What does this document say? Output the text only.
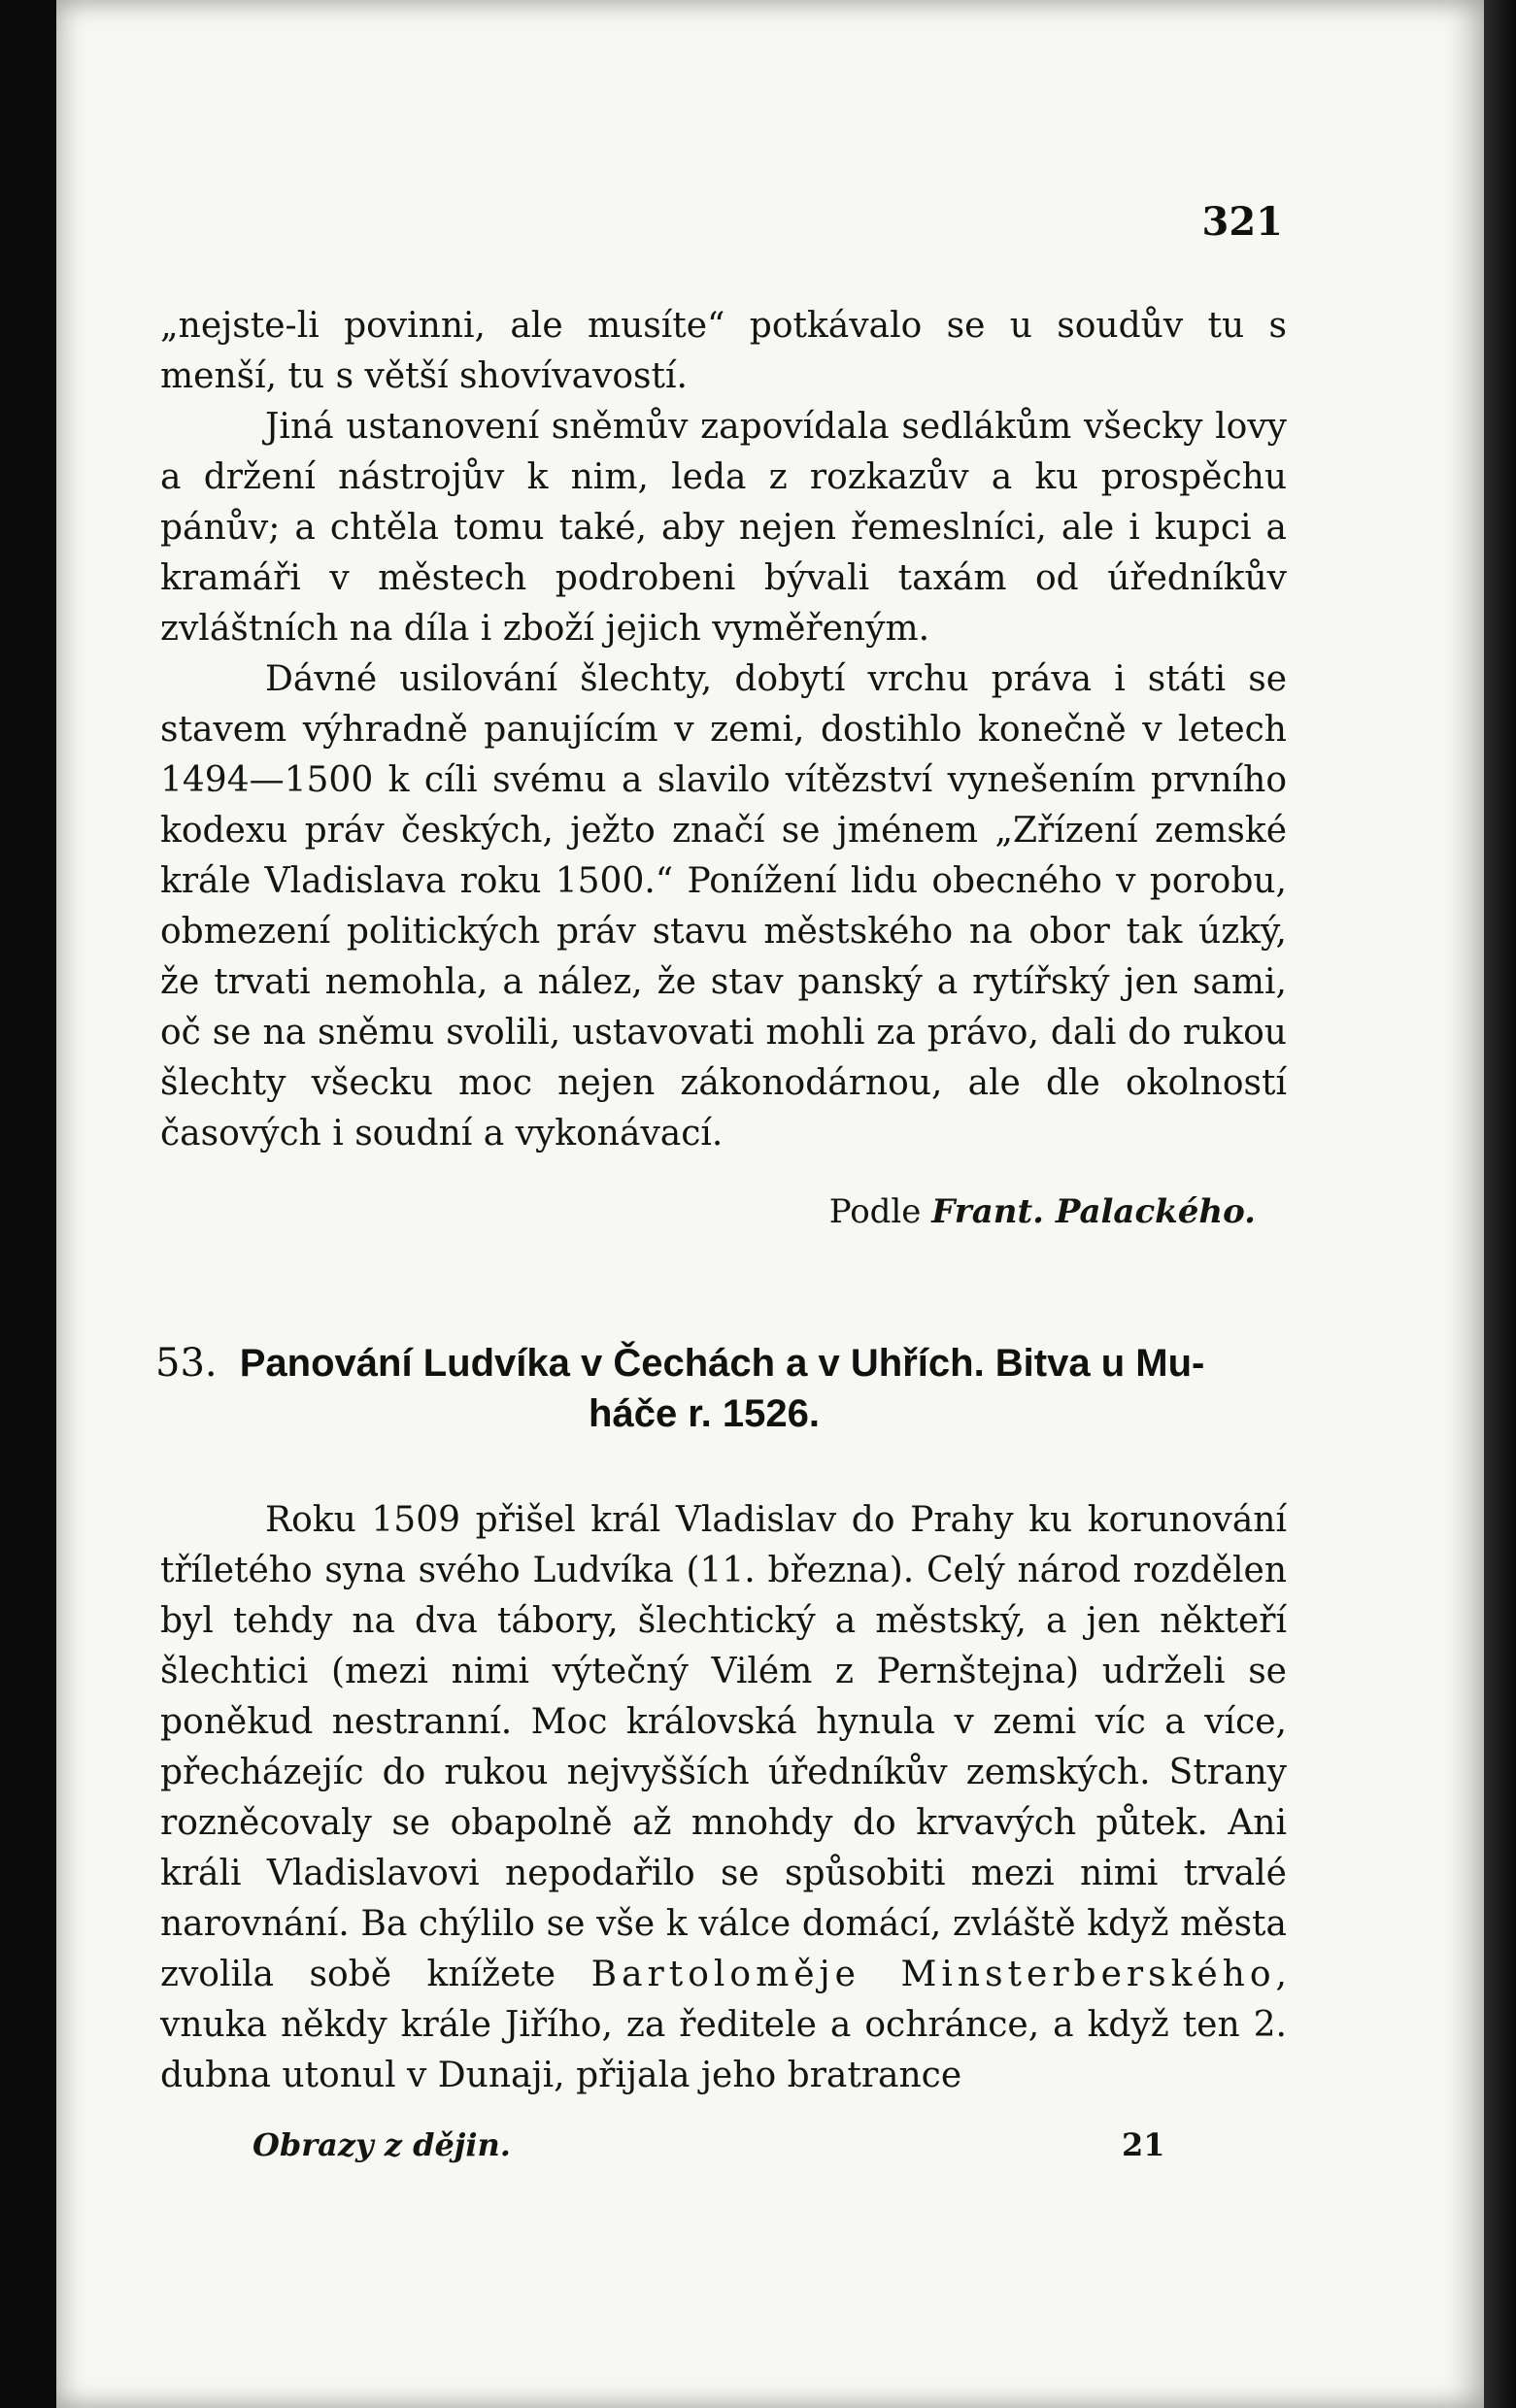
321

„nejste-li povinni, ale musíte“ potkávalo se u soudův tu s menší, tu s větší shovívavostí.

Jiná ustanovení sněmův zapovídala sedlákům všecky lovy a držení nástrojův k nim, leda z rozkazův a ku prospěchu pánův; a chtěla tomu také, aby nejen řemeslníci, ale i kupci a kramáři v městech podrobeni bývali taxám od úředníkův zvláštních na díla i zboží jejich vyměřeným.

Dávné usilování šlechty, dobytí vrchu práva i státi se stavem výhradně panujícím v zemi, dostihlo konečně v letech 1494—1500 k cíli svému a slavilo vítězství vynešením prvního kodexu práv českých, ježto značí se jménem „Zřízení zemské krále Vladislava roku 1500.“ Ponížení lidu obecného v porobu, obmezení politických práv stavu městského na obor tak úzký, že trvati nemohla, a nález, že stav panský a rytířský jen sami, oč se na sněmu svolili, ustavovati mohli za právo, dali do rukou šlechty všecku moc nejen zákonodárnou, ale dle okolností časových i soudní a vykonávací.

Podle Frant. Palackého.
53. Panování Ludvíka v Čechách a v Uhřích. Bitva u Mu-
háče r. 1526.

Roku 1509 přišel král Vladislav do Prahy ku korunování tříletého syna svého Ludvíka (11. března). Celý národ rozdělen byl tehdy na dva tábory, šlechtický a městský, a jen někteří šlechtici (mezi nimi výtečný Vilém z Pernštejna) udrželi se poněkud nestranní. Moc královská hynula v zemi víc a více, přecházejíc do rukou nejvyšších úředníkův zemských. Strany rozněcovaly se obapolně až mnohdy do krvavých půtek. Ani králi Vladislavovi nepodařilo se spůsobiti mezi nimi trvalé narovnání. Ba chýlilo se vše k válce domácí, zvláště když města zvolila sobě knížete Bartoloměje Minsterberského, vnuka někdy krále Jiřího, za ředitele a ochránce, a když ten 2. dubna utonul v Dunaji, přijala jeho bratrance

Obrazy z dějin.	21
